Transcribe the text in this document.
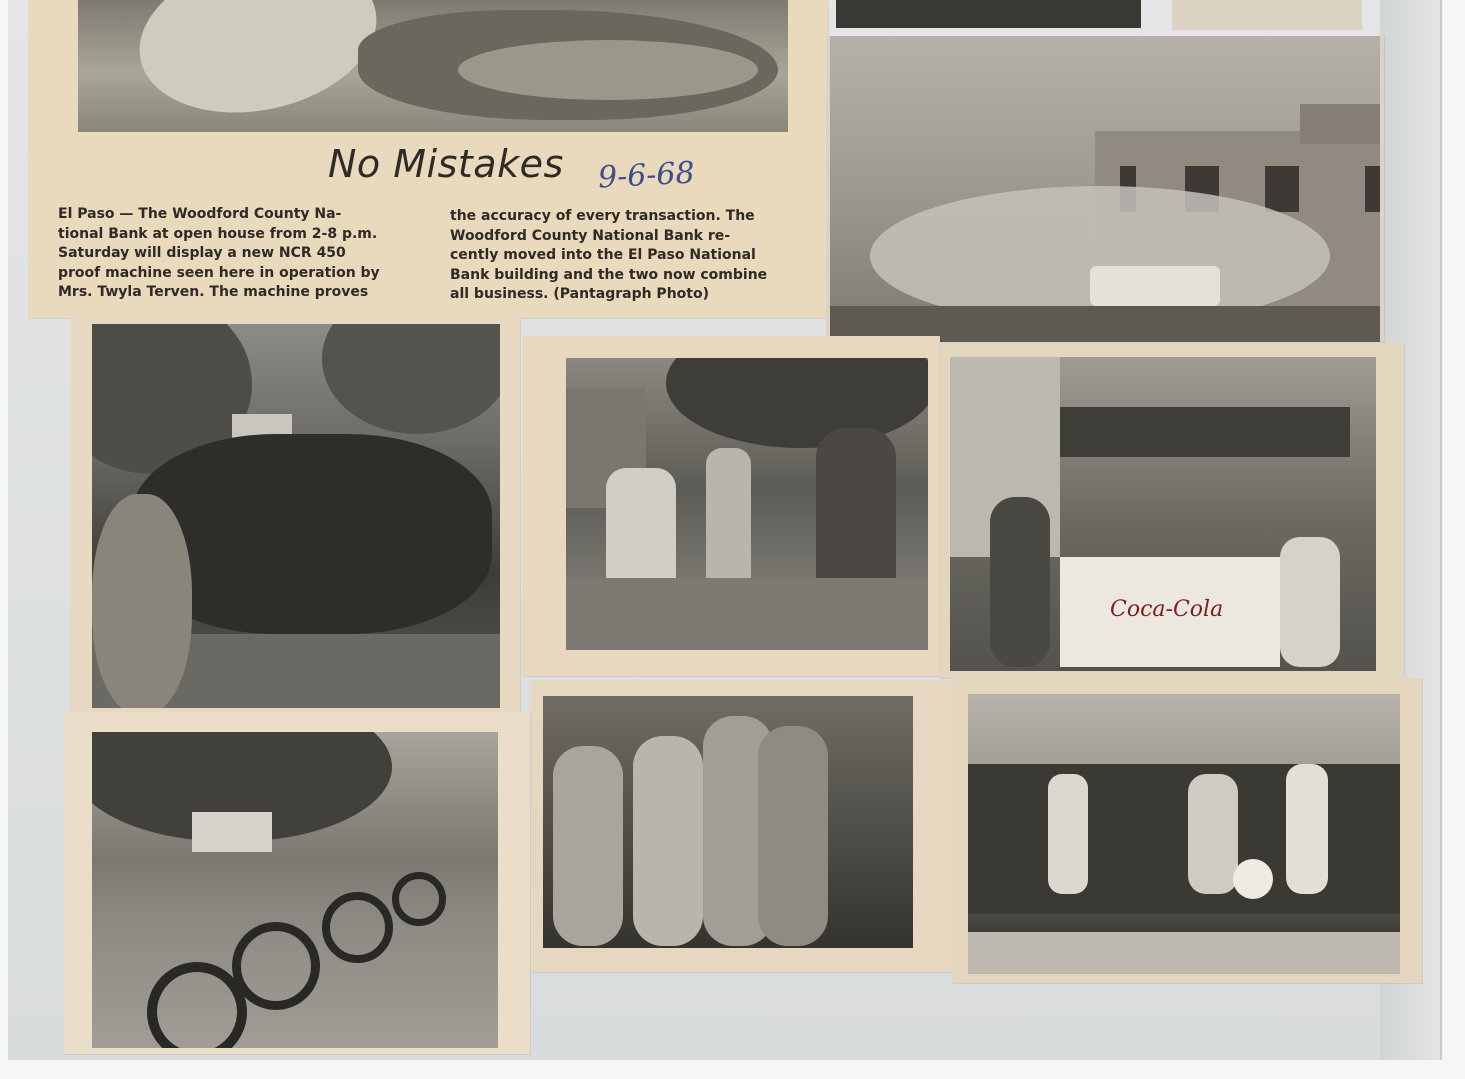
No Mistakes 9-6-68
El Paso — The Woodford County Na-
tional Bank at open house from 2-8 p.m.
Saturday will display a new NCR 450
proof machine seen here in operation by
Mrs. Twyla Terven. The machine proves
the accuracy of every transaction. The
Woodford County National Bank re-
cently moved into the El Paso National
Bank building and the two now combine
all business. (Pantagraph Photo)
Coca-Cola
